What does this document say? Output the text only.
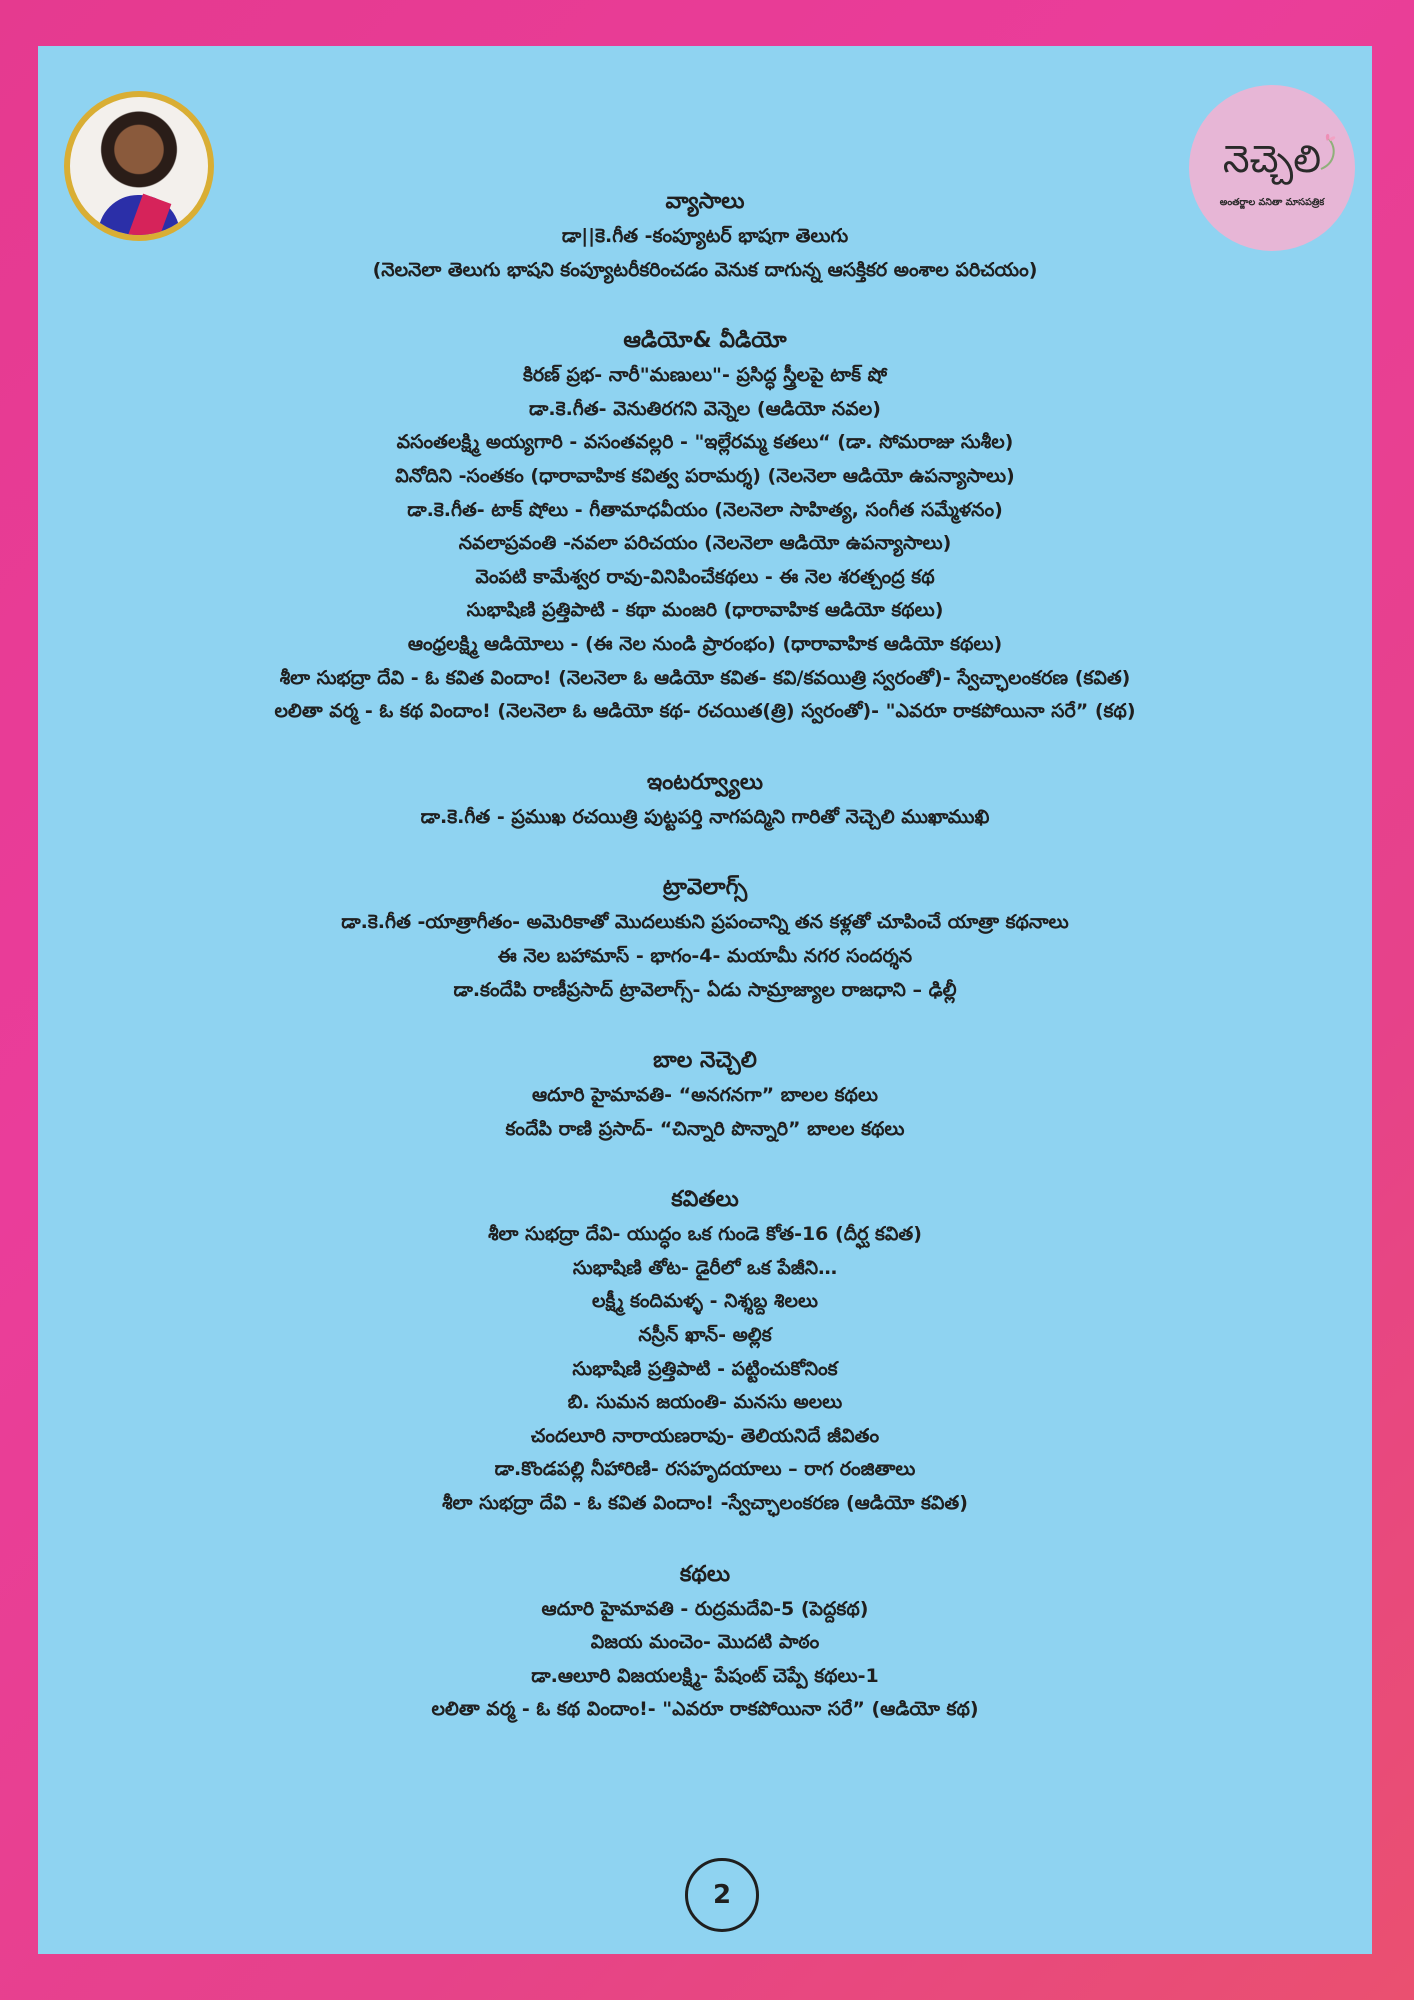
నెచ్చెలి
అంతర్జాల వనితా మాసపత్రిక
వ్యాసాలు
డా||కె.గీత -కంప్యూటర్ భాషగా తెలుగు
(నెలనెలా తెలుగు భాషని కంప్యూటరీకరించడం వెనుక దాగున్న ఆసక్తికర అంశాల పరిచయం)
ఆడియో& వీడియో
కిరణ్ ప్రభ- నారీ"మణులు"- ప్రసిద్ధ స్త్రీలపై టాక్ షో
డా.కె.గీత- వెనుతిరగని వెన్నెల (ఆడియో నవల)
వసంతలక్ష్మి అయ్యగారి - వసంతవల్లరి - "ఇల్లేరమ్మ కతలు“ (డా. సోమరాజు సుశీల)
వినోదిని -సంతకం (ధారావాహిక కవిత్వ పరామర్శ) (నెలనెలా ఆడియో ఉపన్యాసాలు)
డా.కె.గీత- టాక్ షోలు - గీతామాధవీయం (నెలనెలా సాహిత్య, సంగీత సమ్మేళనం)
నవలాప్రవంతి -నవలా పరిచయం (నెలనెలా ఆడియో ఉపన్యాసాలు)
వెంపటి కామేశ్వర రావు-వినిపించేకథలు - ఈ నెల శరత్చంద్ర కథ
సుభాషిణి ప్రత్తిపాటి - కథా మంజరి (ధారావాహిక ఆడియో కథలు)
ఆంధ్రలక్ష్మి ఆడియోలు - (ఈ నెల నుండి ప్రారంభం) (ధారావాహిక ఆడియో కథలు)
శీలా సుభద్రా దేవి - ఓ కవిత విందాం! (నెలనెలా ఓ ఆడియో కవిత- కవి/కవయిత్రి స్వరంతో)- స్వేచ్ఛాలంకరణ (కవిత)
లలితా వర్మ - ఓ కథ విందాం! (నెలనెలా ఓ ఆడియో కథ- రచయిత(త్రి) స్వరంతో)- "ఎవరూ రాకపోయినా సరే” (కథ)
ఇంటర్వ్యూలు
డా.కె.గీత - ప్రముఖ రచయిత్రి పుట్టపర్తి నాగపద్మిని గారితో నెచ్చెలి ముఖాముఖి
ట్రావెలాగ్స్
డా.కె.గీత -యాత్రాగీతం- అమెరికాతో మొదలుకుని ప్రపంచాన్ని తన కళ్లతో చూపించే యాత్రా కథనాలు
ఈ నెల బహామాస్ - భాగం-4- మయామీ నగర సందర్శన
డా.కందేపి రాణీప్రసాద్ ట్రావెలాగ్స్- ఏడు సామ్రాజ్యాల రాజధాని – ఢిల్లీ
బాల నెచ్చెలి
ఆదూరి హైమావతి- “అనగనగా” బాలల కథలు
కందేపి రాణి ప్రసాద్- “చిన్నారి పొన్నారి” బాలల కథలు
కవితలు
శీలా సుభద్రా దేవి- యుద్ధం ఒక గుండె కోత-16 (దీర్ఘ కవిత)
సుభాషిణి తోట- డైరీలో ఒక పేజీని…
లక్ష్మీ కందిమళ్ళ - నిశ్శబ్ద శిలలు
నస్రీన్ ఖాన్- అల్లిక
సుభాషిణి ప్రత్తిపాటి - పట్టించుకోనింక
బి. సుమన జయంతి- మనసు అలలు
చందలూరి నారాయణరావు- తెలియనిదే జీవితం
డా.కొండపల్లి నీహారిణి- రసహృదయాలు – రాగ రంజితాలు
శీలా సుభద్రా దేవి - ఓ కవిత విందాం! -స్వేచ్ఛాలంకరణ (ఆడియో కవిత)
కథలు
ఆదూరి హైమావతి - రుద్రమదేవి-5 (పెద్దకథ)
విజయ మంచెం- మొదటి పాఠం
డా.ఆలూరి విజయలక్ష్మి- పేషంట్ చెప్పే కథలు-1
లలితా వర్మ - ఓ కథ విందాం!- "ఎవరూ రాకపోయినా సరే” (ఆడియో కథ)
2
